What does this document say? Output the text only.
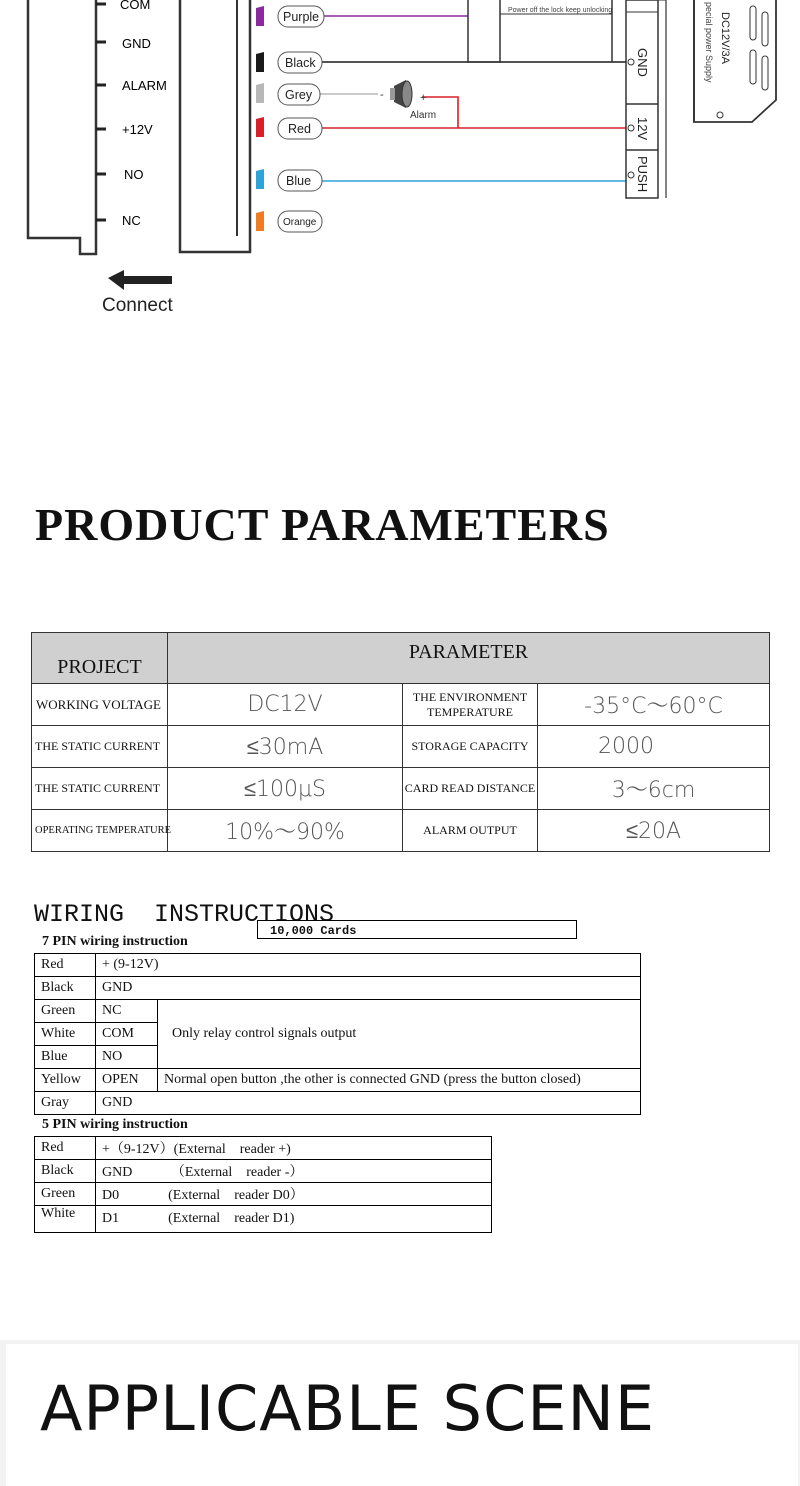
COM
GND
ALARM
+12V
NO
NC
Connect
Purple
Black
Grey
Red
Blue
Orange
-	+
Alarm
Power off the lock keep unlocking
GND
12V
PUSH
DC12V/3A
pecial power Supply
PRODUCT PARAMETERS
PROJECT	PARAMETER		
WORKING VOLTAGE	DC12V	THE ENVIRONMENT TEMPERATURE	-35°C～60°C
THE STATIC CURRENT	≤30mA	STORAGE CAPACITY	2000
THE STATIC CURRENT	≤100μS	CARD READ DISTANCE	3～6cm
OPERATING TEMPERATURE	10%～90%	ALARM OUTPUT	≤20A
WIRING  INSTRUCTIONS
10,000 Cards
7 PIN wiring instruction
Red	+ (9-12V)	
Black	GND	
Green	NC	Only relay control signals output
White	COM	
Blue	NO	
Yellow	OPEN	Normal open button ,the other is connected GND (press the button closed)
Gray	GND	
5 PIN wiring instruction
Red	+（9-12V）(External    reader +)
Black	GND           （External    reader -）
Green	D0              (External    reader D0）
White	D1              (External    reader D1)
APPLICABLE SCENE
